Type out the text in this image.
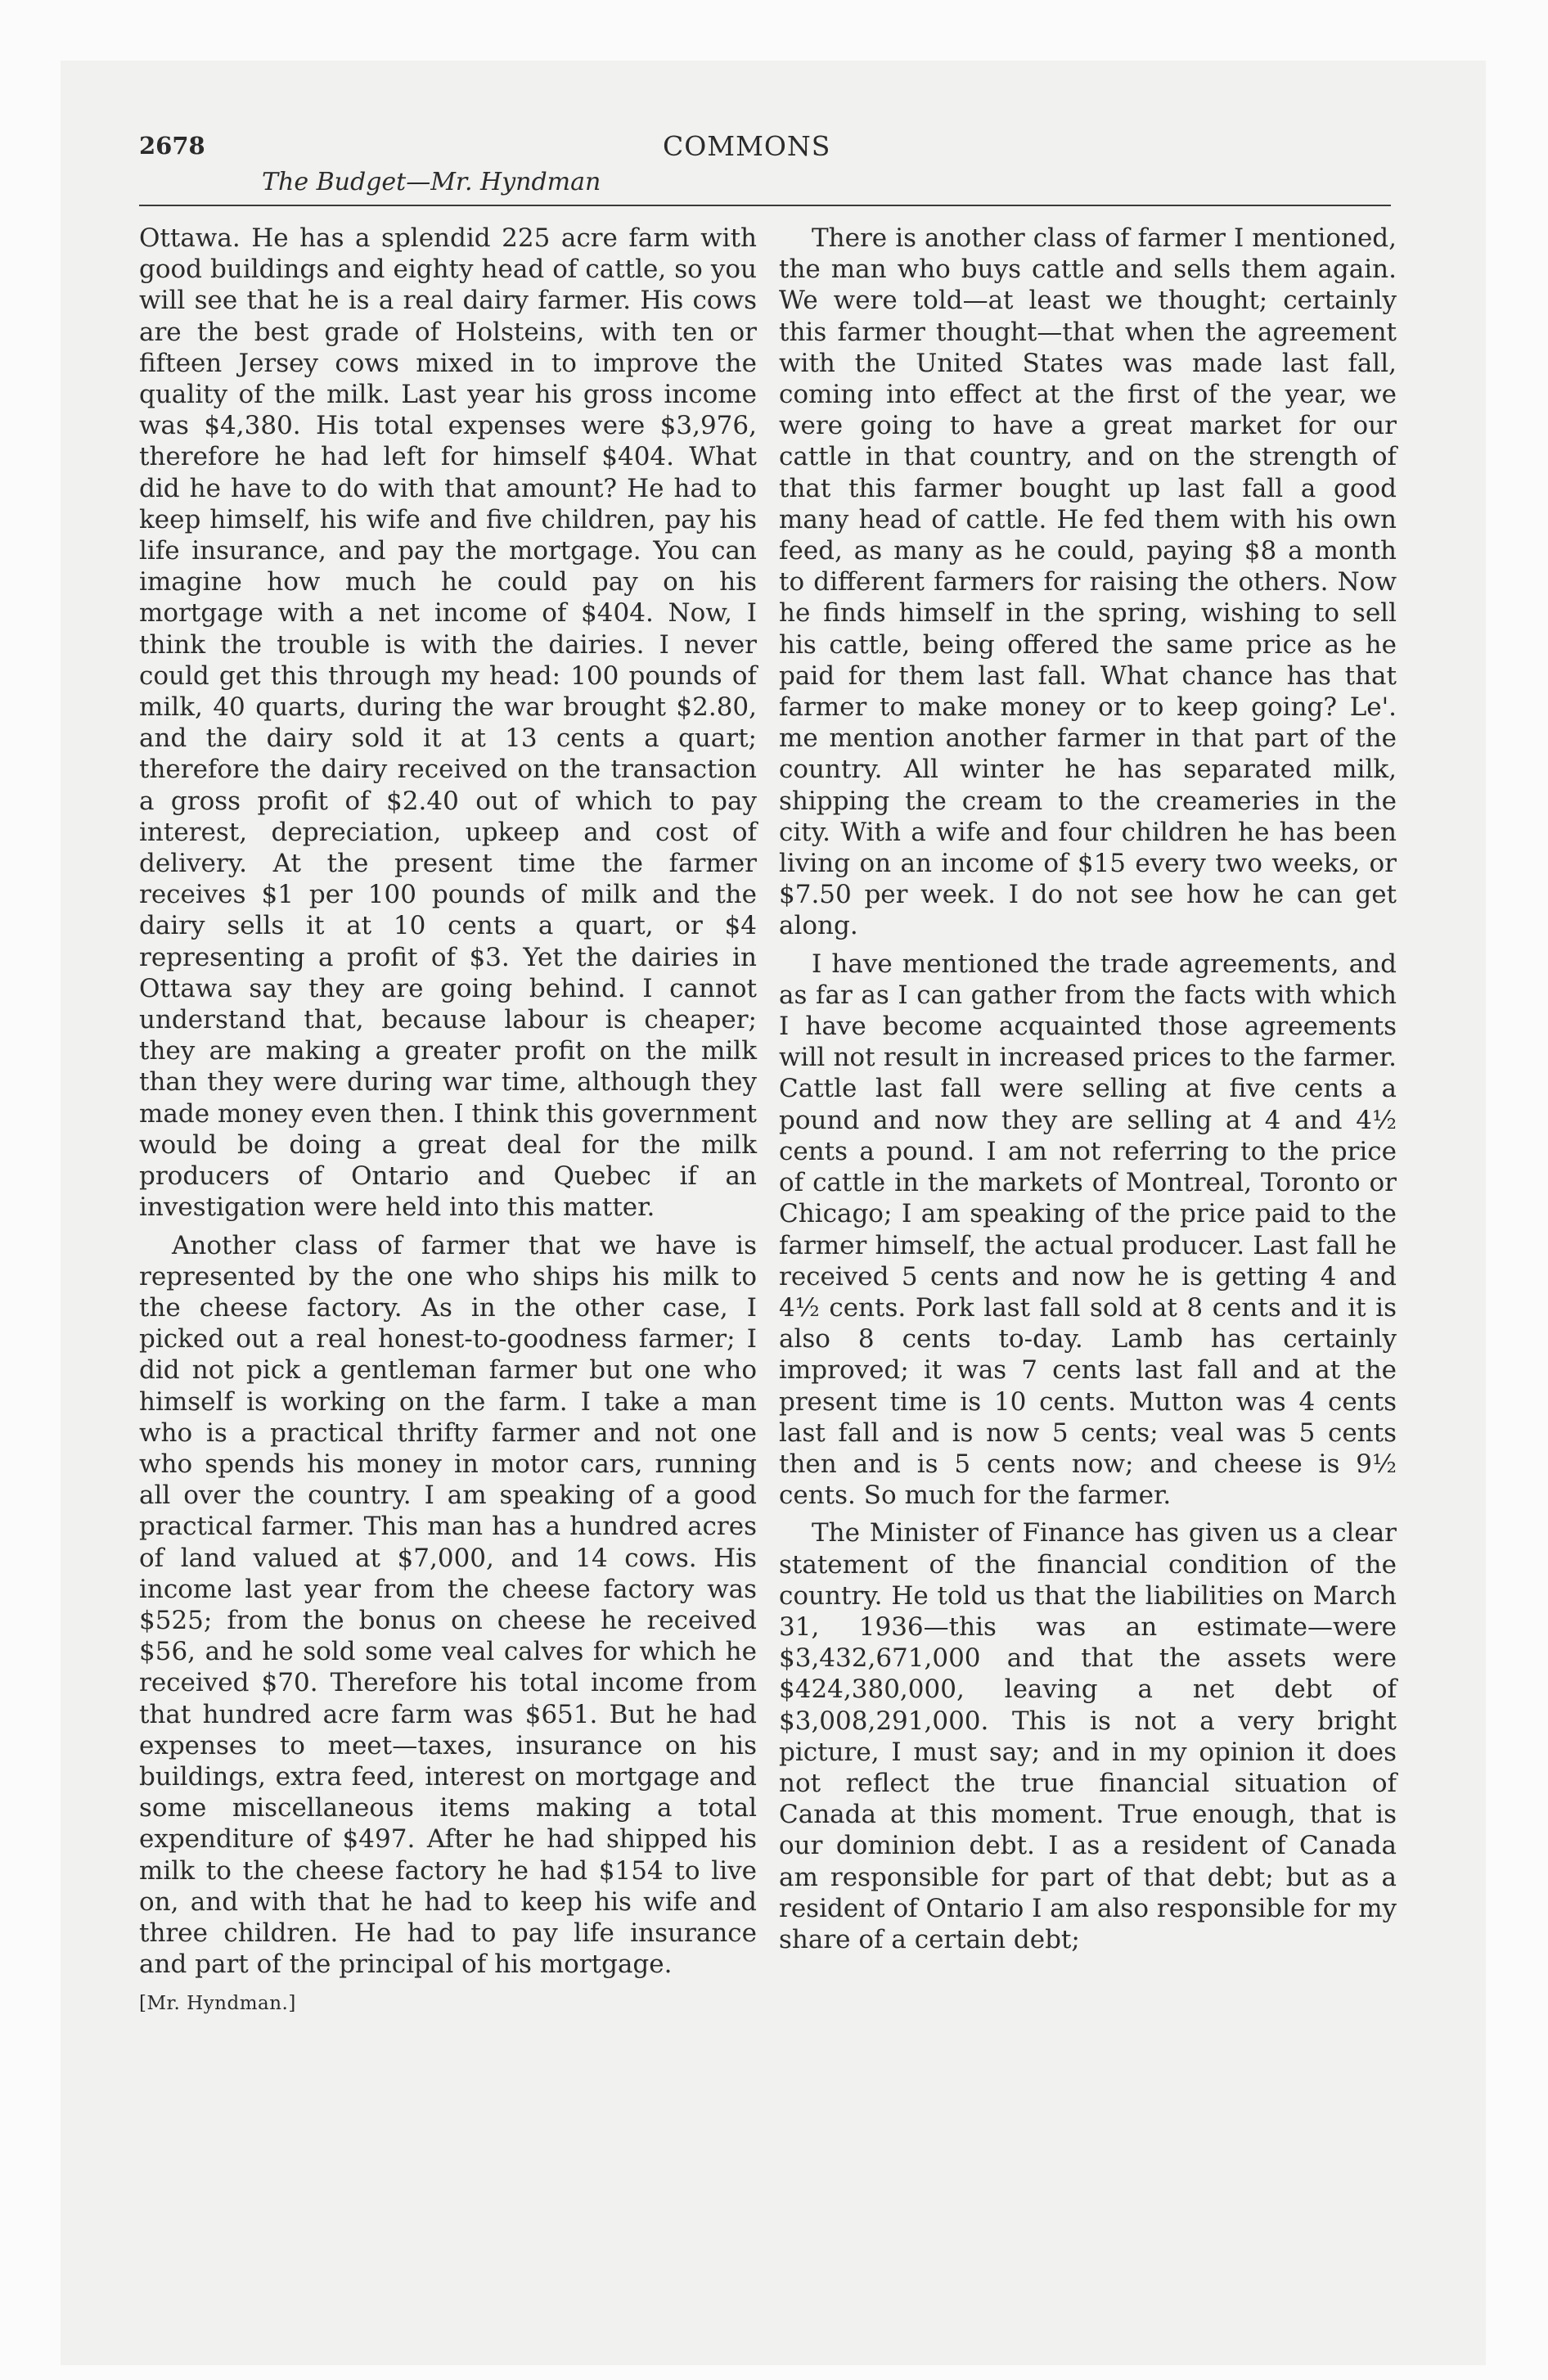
2678
The Budget—Mr. Hyndman
COMMONS

Ottawa. He has a splendid 225 acre farm with good buildings and eighty head of cattle, so you will see that he is a real dairy farmer. His cows are the best grade of Holsteins, with ten or fifteen Jersey cows mixed in to improve the quality of the milk. Last year his gross income was $4,380. His total expenses were $3,976, therefore he had left for himself $404. What did he have to do with that amount? He had to keep himself, his wife and five children, pay his life insurance, and pay the mortgage. You can imagine how much he could pay on his mortgage with a net income of $404. Now, I think the trouble is with the dairies. I never could get this through my head: 100 pounds of milk, 40 quarts, during the war brought $2.80, and the dairy sold it at 13 cents a quart; therefore the dairy received on the transaction a gross profit of $2.40 out of which to pay interest, depreciation, upkeep and cost of delivery. At the present time the farmer receives $1 per 100 pounds of milk and the dairy sells it at 10 cents a quart, or $4 representing a profit of $3. Yet the dairies in Ottawa say they are going behind. I cannot understand that, because labour is cheaper; they are making a greater profit on the milk than they were during war time, although they made money even then. I think this government would be doing a great deal for the milk producers of Ontario and Quebec if an investigation were held into this matter.

Another class of farmer that we have is represented by the one who ships his milk to the cheese factory. As in the other case, I picked out a real honest-to-goodness farmer; I did not pick a gentleman farmer but one who himself is working on the farm. I take a man who is a practical thrifty farmer and not one who spends his money in motor cars, running all over the country. I am speaking of a good practical farmer. This man has a hundred acres of land valued at $7,000, and 14 cows. His income last year from the cheese factory was $525; from the bonus on cheese he received $56, and he sold some veal calves for which he received $70. Therefore his total income from that hundred acre farm was $651. But he had expenses to meet—taxes, insurance on his buildings, extra feed, interest on mortgage and some miscellaneous items making a total expenditure of $497. After he had shipped his milk to the cheese factory he had $154 to live on, and with that he had to keep his wife and three children. He had to pay life insurance and part of the principal of his mortgage.

[Mr. Hyndman.]

There is another class of farmer I mentioned, the man who buys cattle and sells them again. We were told—at least we thought; certainly this farmer thought—that when the agreement with the United States was made last fall, coming into effect at the first of the year, we were going to have a great market for our cattle in that country, and on the strength of that this farmer bought up last fall a good many head of cattle. He fed them with his own feed, as many as he could, paying $8 a month to different farmers for raising the others. Now he finds himself in the spring, wishing to sell his cattle, being offered the same price as he paid for them last fall. What chance has that farmer to make money or to keep going? Le'. me mention another farmer in that part of the country. All winter he has separated milk, shipping the cream to the creameries in the city. With a wife and four children he has been living on an income of $15 every two weeks, or $7.50 per week. I do not see how he can get along.

I have mentioned the trade agreements, and as far as I can gather from the facts with which I have become acquainted those agreements will not result in increased prices to the farmer. Cattle last fall were selling at five cents a pound and now they are selling at 4 and 4½ cents a pound. I am not referring to the price of cattle in the markets of Montreal, Toronto or Chicago; I am speaking of the price paid to the farmer himself, the actual producer. Last fall he received 5 cents and now he is getting 4 and 4½ cents. Pork last fall sold at 8 cents and it is also 8 cents to-day. Lamb has certainly improved; it was 7 cents last fall and at the present time is 10 cents. Mutton was 4 cents last fall and is now 5 cents; veal was 5 cents then and is 5 cents now; and cheese is 9½ cents. So much for the farmer.

The Minister of Finance has given us a clear statement of the financial condition of the country. He told us that the liabilities on March 31, 1936—this was an estimate—were $3,432,671,000 and that the assets were $424,380,000, leaving a net debt of $3,008,291,000. This is not a very bright picture, I must say; and in my opinion it does not reflect the true financial situation of Canada at this moment. True enough, that is our dominion debt. I as a resident of Canada am responsible for part of that debt; but as a resident of Ontario I am also responsible for my share of a certain debt;
